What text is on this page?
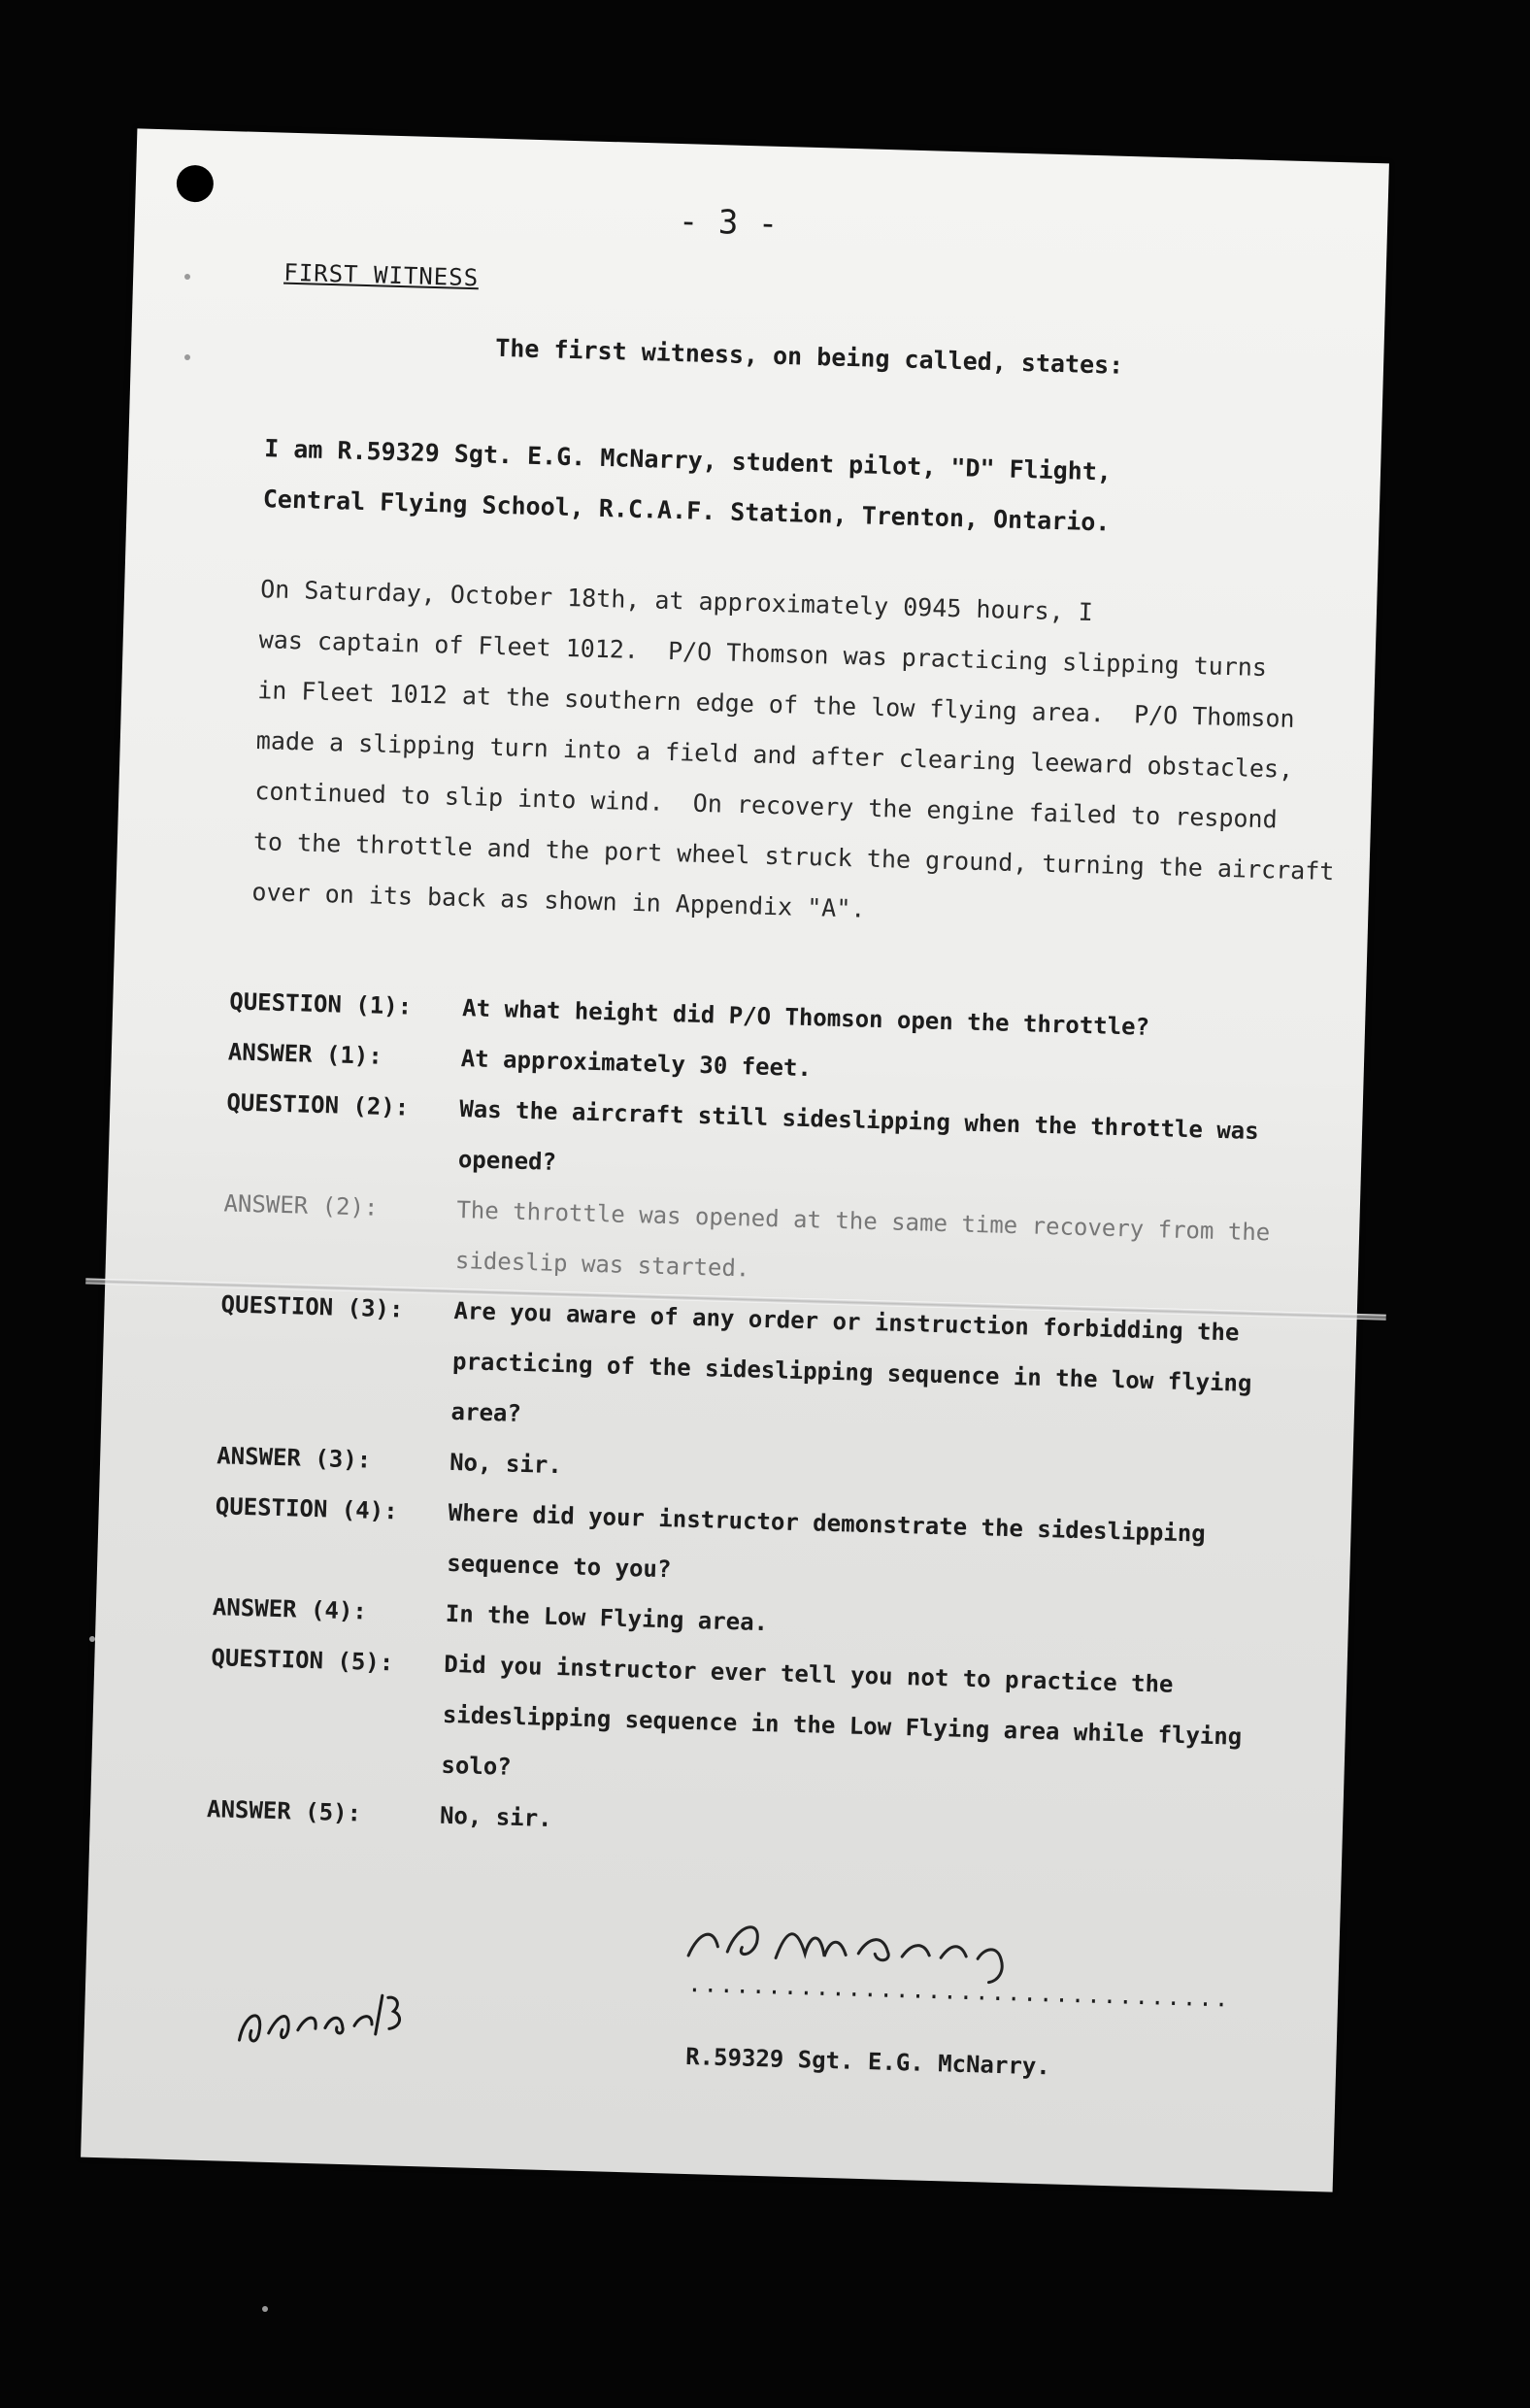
- 3 -
FIRST WITNESS
The first witness, on being called, states:
I am R.59329 Sgt. E.G. McNarry, student pilot, "D" Flight,
Central Flying School, R.C.A.F. Station, Trenton, Ontario.
On Saturday, October 18th, at approximately 0945 hours, I
was captain of Fleet 1012.  P/O Thomson was practicing slipping turns
in Fleet 1012 at the southern edge of the low flying area.  P/O Thomson
made a slipping turn into a field and after clearing leeward obstacles,
continued to slip into wind.  On recovery the engine failed to respond
to the throttle and the port wheel struck the ground, turning the aircraft
over on its back as shown in Appendix "A".
QUESTION (1):	At what height did P/O Thomson open the throttle?
ANSWER (1):	At approximately 30 feet.
QUESTION (2):	Was the aircraft still sideslipping when the throttle was
opened?
ANSWER (2):	The throttle was opened at the same time recovery from the
sideslip was started.
QUESTION (3):	Are you aware of any order or instruction forbidding the
practicing of the sideslipping sequence in the low flying
area?
ANSWER (3):	No, sir.
QUESTION (4):	Where did your instructor demonstrate the sideslipping
sequence to you?
ANSWER (4):	In the Low Flying area.
QUESTION (5):	Did you instructor ever tell you not to practice the
sideslipping sequence in the Low Flying area while flying
solo?
ANSWER (5):	No, sir.
..................................
R.59329 Sgt. E.G. McNarry.
